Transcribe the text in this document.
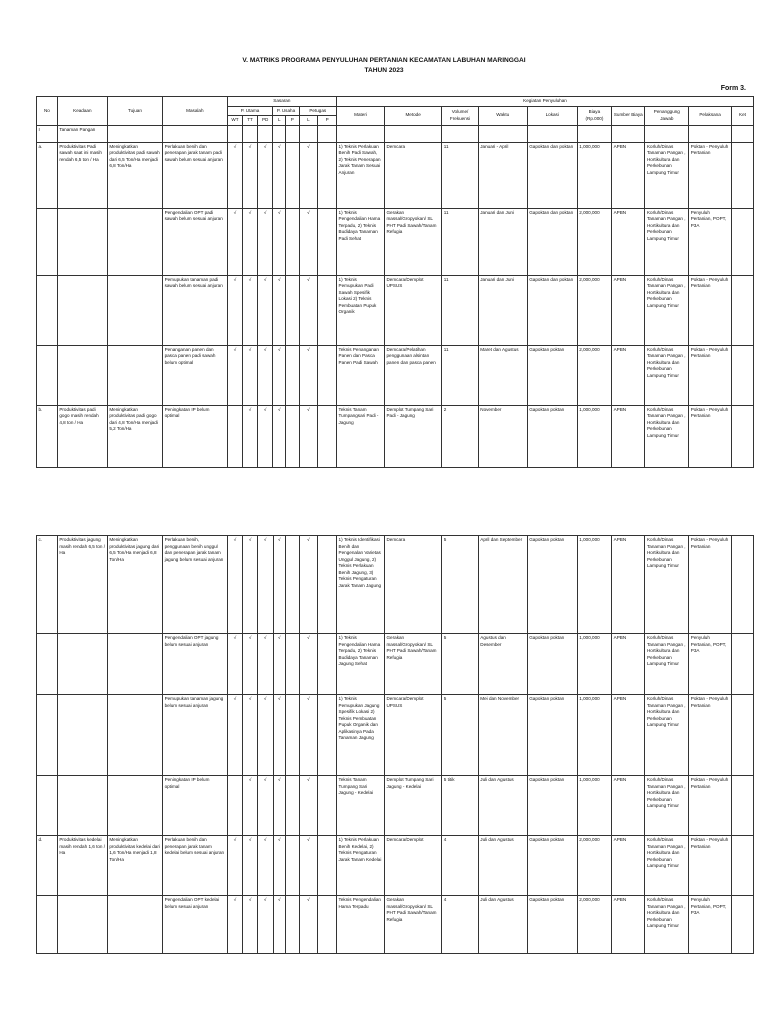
V. MATRIKS PROGRAMA PENYULUHAN PERTANIAN KECAMATAN LABUHAN MARINGGAI
TAHUN 2023
Form 3.
No	Keadaan	Tujuan	Masalah	Sasaran							Kegiatan Penyuluhan									
				P. Utama			P. Usaha		Petugas		Materi	Metode	Volume/ Frekuensi	Waktu	Lokasi	Biaya (Rp.000)	Sumber Biaya	Penanggung Jawab	Pelaksana	Ket
				WT	TT	PD	L	P	L	P										
I	Tanaman Pangan																			
a.	Produktivitas Padi sawah saat ini masih rendah 6,5 ton / Ha	Meningkatkan produktivitas padi sawah dari 6,5 Ton/Ha menjadi 6,8 Ton/Ha	Perlakuan benih dan penerapan jarak tanam padi sawah belum sesuai anjuran	√	√	√	√		√		1) Teknis Perlakuan Benih Padi Sawah, 2) Teknis Penerapan Jarak Tanam Sesuai Anjuran	Demcara	11	Januari - April	Gapoktan dan poktan	1,000,000	APBN	Korluh/Dinas Tanaman Pangan , Hortikultura dan Perkebunan Lampung Timur	Poktan - Penyuluh Pertanian	
			Pengendalian OPT padi sawah belum sesuai anjuran	√	√	√	√		√		1) Teknis Pengendalian Hama Terpadu, 2) Teknis Budidaya Tanaman Padi Sehat	Gerakan massal/Gropyokan/ SL PHT Padi Sawah/Tanam Refugia	11	Januari dan Juni	Gapoktan dan poktan	2,000,000	APBN	Korluh/Dinas Tanaman Pangan , Hortikultura dan Perkebunan Lampung Timur	Penyuluh Pertanian, POPT, P3A	
			Pemupukan tanaman padi sawah belum sesuai anjuran	√	√	√	√		√		1) Teknis Pemupukan Padi Sawah Spesifik Lokasi 2) Teknis Pembuatan Pupuk Organik	Demcara/Demplot UPSUS	11	Januari dan Juni	Gapoktan dan poktan	2,000,000	APBN	Korluh/Dinas Tanaman Pangan , Hortikultura dan Perkebunan Lampung Timur	Poktan - Penyuluh Pertanian	
			Penanganan panen dan pasca panen padi sawah belum optimal	√	√	√	√		√		Teknis Penanganan Panen dan Pasca Panen Padi Sawah	Demcara/Pelatihan penggunaan alsintan panen dan pasca panen	11	Maret dan Agustus	Gapoktan poktan	2,000,000	APBN	Korluh/Dinas Tanaman Pangan , Hortikultura dan Perkebunan Lampung Timur	Poktan - Penyuluh Pertanian	
b.	Produktivitas padi gogo masih rendah 4,8 ton / Ha	Meningkatkan produktivitas padi gogo dari 4,8 Ton/Ha menjadi 5,2 Ton/Ha	Peningkatan IP belum optimal		√	√	√		√		Teknis Tanam Tumpangsari Padi - Jagung	Demplot Tumpang Sari Padi - Jagung	2	November	Gapoktan poktan	1,000,000	APBN	Korluh/Dinas Tanaman Pangan , Hortikultura dan Perkebunan Lampung Timur	Poktan - Penyuluh Pertanian	
c.	Produktivitas jagung masih rendah 6,5 ton / Ha	Meningkatkan produktivitas jagung dari 6,5 Ton/Ha menjadi 6,8 Ton/Ha	Perlakuan benih, penggunaan benih unggul dan penerapan jarak tanam jagung belum sesuai anjuran	√	√	√	√		√		1) Teknis Identifikasi Benih dan Pengenalan Varietas Unggul Jagung, 2) Teknis Perlakuan Benih Jagung, 3) Teknis Pengaturan Jarak Tanam Jagung	Demcara	5	April dan September	Gapoktan poktan	1,000,000	APBN	Korluh/Dinas Tanaman Pangan , Hortikultura dan Perkebunan Lampung Timur	Poktan - Penyuluh Pertanian	
			Pengendalian OPT jagung belum sesuai anjuran	√	√	√	√		√		1) Teknis Pengendalian Hama Terpadu, 2) Teknis Budidaya Tanaman Jagung Sehat	Gerakan massal/Gropyokan/ SL PHT Padi Sawah/Tanam Refugia	5	Agustus dan Desember	Gapoktan poktan	1,000,000	APBN	Korluh/Dinas Tanaman Pangan , Hortikultura dan Perkebunan Lampung Timur	Penyuluh Pertanian, POPT, P3A	
			Pemupukan tanaman jagung belum sesuai anjuran	√	√	√	√		√		1) Teknis Pemupukan Jagung Spesifik Lokasi 2) Teknis Pembuatan Pupuk Organik dan Aplikasinya Pada Tanaman Jagung	Demcara/Demplot UPSUS	5	Mei dan November	Gapoktan poktan	1,000,000	APBN	Korluh/Dinas Tanaman Pangan , Hortikultura dan Perkebunan Lampung Timur	Poktan - Penyuluh Pertanian	
			Peningkatan IP belum optimal		√	√	√		√		Teknis Tanam Tumpang Sari Jagung - Kedelai	Demplot Tumpang Sari Jagung - Kedelai	5 titik	Juli dan Agustus	Gapoktan poktan	1,000,000	APBN	Korluh/Dinas Tanaman Pangan , Hortikultura dan Perkebunan Lampung Timur	Poktan - Penyuluh Pertanian	
d.	Produktivitas kedelai masih rendah 1,6 ton / Ha	Meningkatkan produktivitas kedelai dari 1,6 Ton/Ha menjadi 1,8 Ton/Ha	Perlakuan benih dan penerapan jarak tanam kedelai belum sesuai anjuran	√	√	√	√		√		1) Teknis Perlakuan Benih Kedelai, 2) Teknis Pengaturan Jarak Tanam Kedelai	Demcara/Demplot	4	Juli dan Agustus	Gapoktan poktan	2,000,000	APBN	Korluh/Dinas Tanaman Pangan , Hortikultura dan Perkebunan Lampung Timur	Poktan - Penyuluh Pertanian	
			Pengendalian OPT kedelai belum sesuai anjuran	√	√	√	√		√		Teknis Pengendalian Hama Terpadu	Gerakan massal/Gropyokan/ SL PHT Padi Sawah/Tanam Refugia	4	Juli dan Agustus	Gapoktan poktan	2,000,000	APBN	Korluh/Dinas Tanaman Pangan , Hortikultura dan Perkebunan Lampung Timur	Penyuluh Pertanian, POPT, P3A	
